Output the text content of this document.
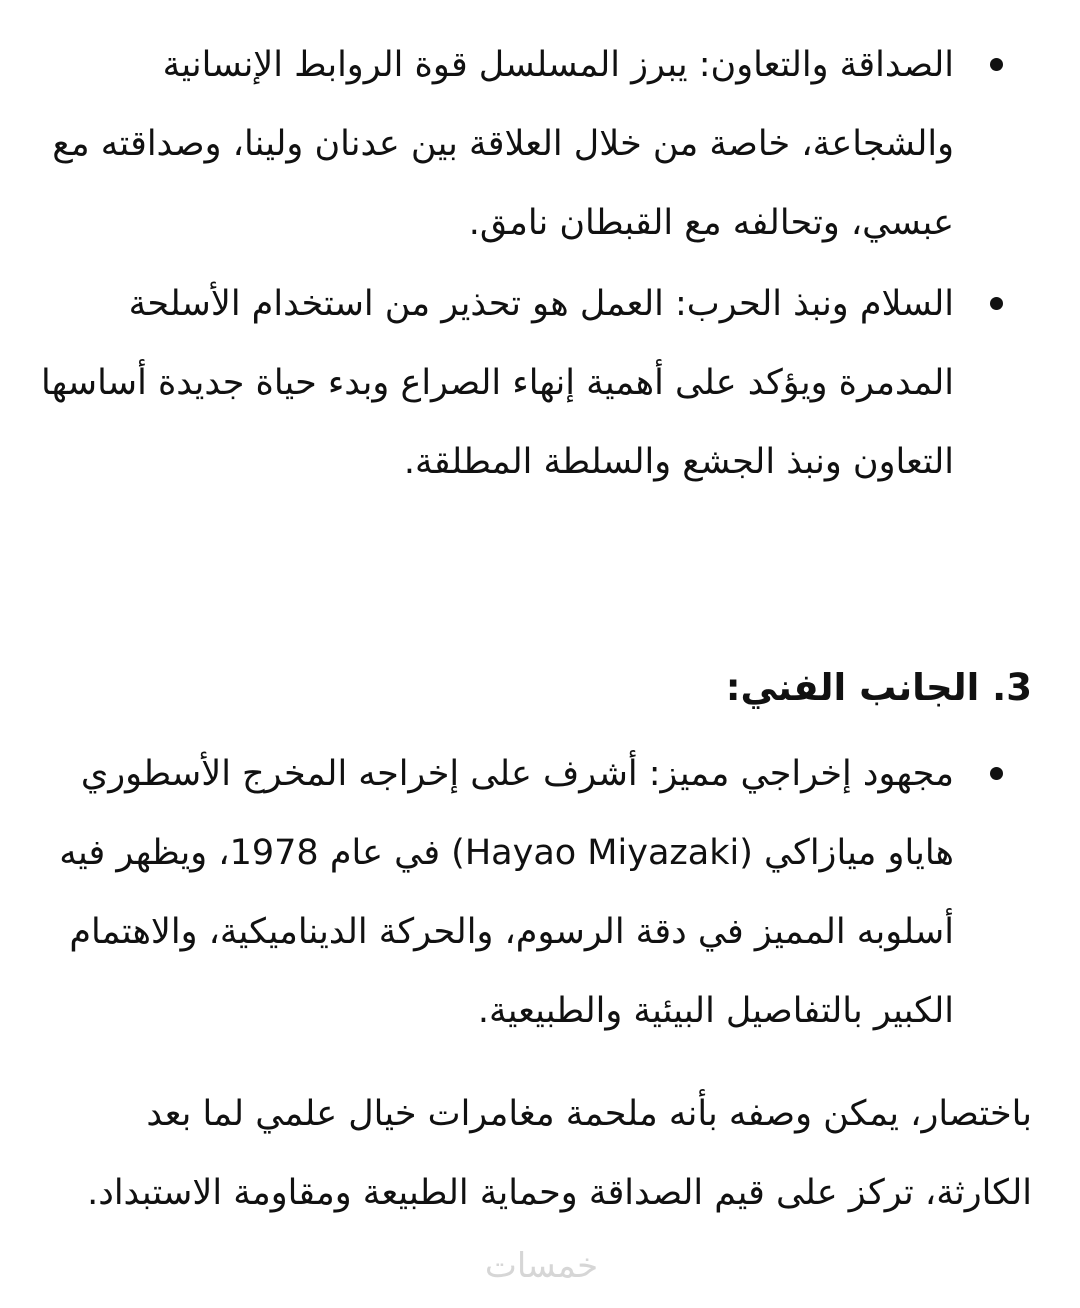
الصداقة والتعاون: يبرز المسلسل قوة الروابط الإنسانية والشجاعة، خاصة من خلال العلاقة بين عدنان ولينا، وصداقته مع عبسي، وتحالفه مع القبطان نامق.
السلام ونبذ الحرب: العمل هو تحذير من استخدام الأسلحة المدمرة ويؤكد على أهمية إنهاء الصراع وبدء حياة جديدة أساسها التعاون ونبذ الجشع والسلطة المطلقة.
3. الجانب الفني:
مجهود إخراجي مميز: أشرف على إخراجه المخرج الأسطوري هاياو ميازاكي (Hayao Miyazaki) في عام 1978، ويظهر فيه أسلوبه المميز في دقة الرسوم، والحركة الديناميكية، والاهتمام الكبير بالتفاصيل البيئية والطبيعية.

باختصار، يمكن وصفه بأنه ملحمة مغامرات خيال علمي لما بعد الكارثة، تركز على قيم الصداقة وحماية الطبيعة ومقاومة الاستبداد.

خمسات
